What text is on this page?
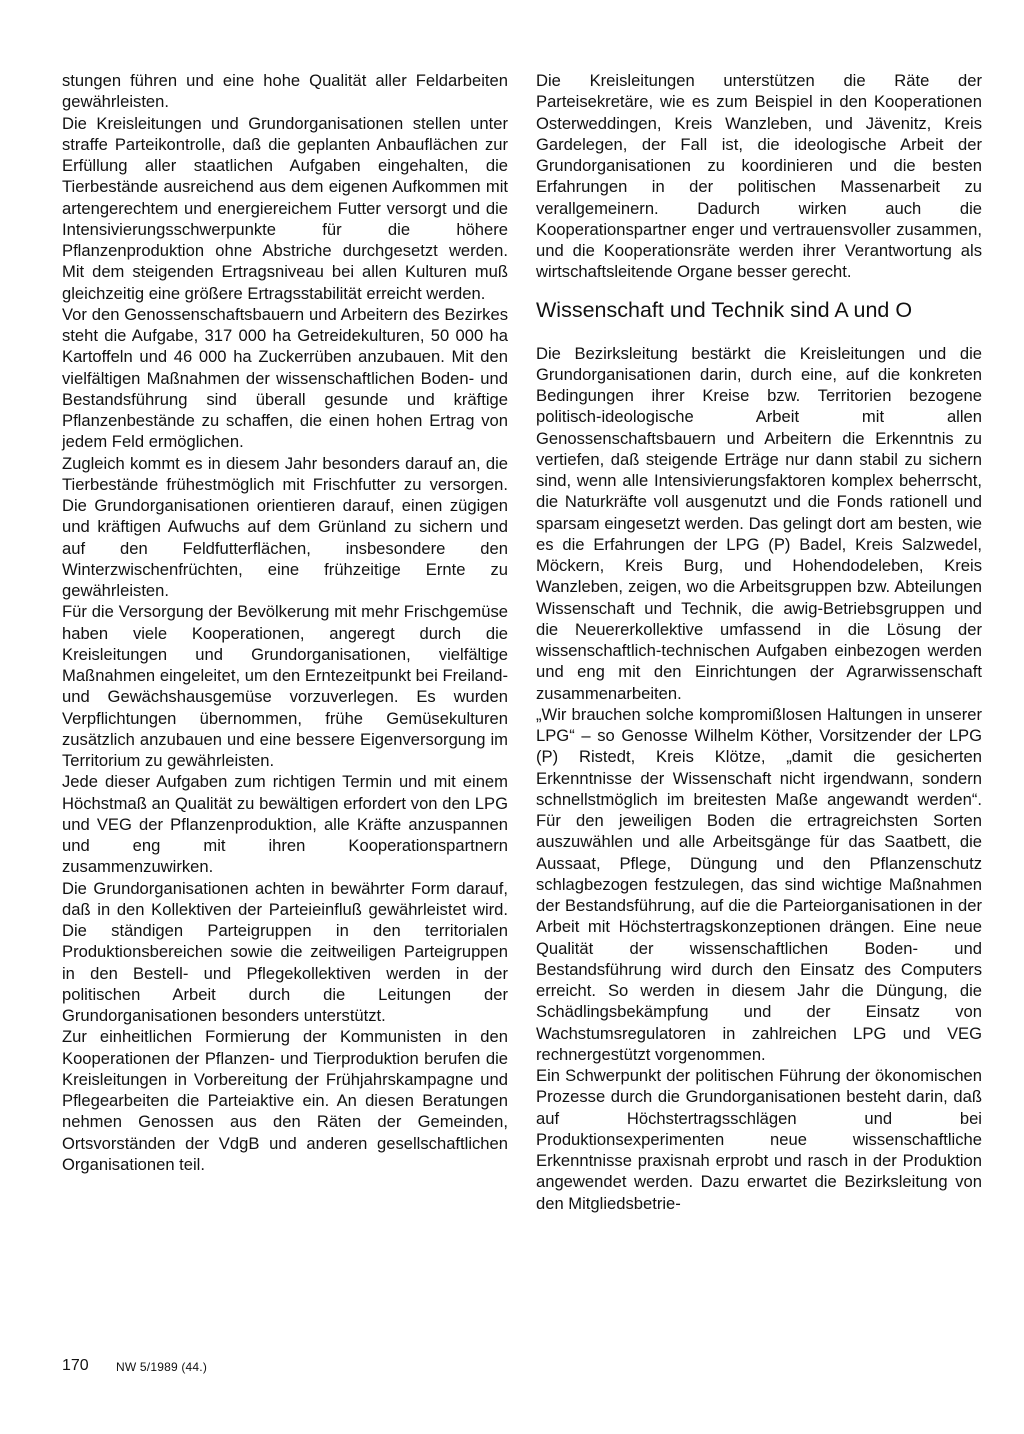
stungen führen und eine hohe Qualität aller Feldarbeiten gewährleisten.

Die Kreisleitungen und Grundorganisationen stellen unter straffe Parteikontrolle, daß die geplanten Anbauflächen zur Erfüllung aller staatlichen Aufgaben eingehalten, die Tierbestände ausreichend aus dem eigenen Aufkommen mit artengerechtem und energiereichem Futter versorgt und die Intensivierungsschwerpunkte für die höhere Pflanzenproduktion ohne Abstriche durchgesetzt werden. Mit dem steigenden Ertragsniveau bei allen Kulturen muß gleichzeitig eine größere Ertragsstabilität erreicht werden.

Vor den Genossenschaftsbauern und Arbeitern des Bezirkes steht die Aufgabe, 317 000 ha Getreidekulturen, 50 000 ha Kartoffeln und 46 000 ha Zuckerrüben anzubauen. Mit den vielfältigen Maßnahmen der wissenschaftlichen Boden- und Bestandsführung sind überall gesunde und kräftige Pflanzenbestände zu schaffen, die einen hohen Ertrag von jedem Feld ermöglichen.

Zugleich kommt es in diesem Jahr besonders darauf an, die Tierbestände frühestmöglich mit Frischfutter zu versorgen. Die Grundorganisationen orientieren darauf, einen zügigen und kräftigen Aufwuchs auf dem Grünland zu sichern und auf den Feldfutterflächen, insbesondere den Winterzwischenfrüchten, eine frühzeitige Ernte zu gewährleisten.

Für die Versorgung der Bevölkerung mit mehr Frischgemüse haben viele Kooperationen, angeregt durch die Kreisleitungen und Grundorganisationen, vielfältige Maßnahmen eingeleitet, um den Erntezeitpunkt bei Freiland- und Gewächshausgemüse vorzuverlegen. Es wurden Verpflichtungen übernommen, frühe Gemüsekulturen zusätzlich anzubauen und eine bessere Eigenversorgung im Territorium zu gewährleisten.

Jede dieser Aufgaben zum richtigen Termin und mit einem Höchstmaß an Qualität zu bewältigen erfordert von den LPG und VEG der Pflanzenproduktion, alle Kräfte anzuspannen und eng mit ihren Kooperationspartnern zusammenzuwirken.

Die Grundorganisationen achten in bewährter Form darauf, daß in den Kollektiven der Parteieinfluß gewährleistet wird. Die ständigen Parteigruppen in den territorialen Produktionsbereichen sowie die zeitweiligen Parteigruppen in den Bestell- und Pflegekollektiven werden in der politischen Arbeit durch die Leitungen der Grundorganisationen besonders unterstützt.

Zur einheitlichen Formierung der Kommunisten in den Kooperationen der Pflanzen- und Tierproduktion berufen die Kreisleitungen in Vorbereitung der Frühjahrskampagne und Pflegearbeiten die Parteiaktive ein. An diesen Beratungen nehmen Genossen aus den Räten der Gemeinden, Ortsvorständen der VdgB und anderen gesellschaftlichen Organisationen teil.

Die Kreisleitungen unterstützen die Räte der Parteisekretäre, wie es zum Beispiel in den Kooperationen Osterweddingen, Kreis Wanzleben, und Jävenitz, Kreis Gardelegen, der Fall ist, die ideologische Arbeit der Grundorganisationen zu koordinieren und die besten Erfahrungen in der politischen Massenarbeit zu verallgemeinern. Dadurch wirken auch die Kooperationspartner enger und vertrauensvoller zusammen, und die Kooperationsräte werden ihrer Verantwortung als wirtschaftsleitende Organe besser gerecht.

Wissenschaft und Technik sind A und O

Die Bezirksleitung bestärkt die Kreisleitungen und die Grundorganisationen darin, durch eine, auf die konkreten Bedingungen ihrer Kreise bzw. Territorien bezogene politisch-ideologische Arbeit mit allen Genossenschaftsbauern und Arbeitern die Erkenntnis zu vertiefen, daß steigende Erträge nur dann stabil zu sichern sind, wenn alle Intensivierungsfaktoren komplex beherrscht, die Naturkräfte voll ausgenutzt und die Fonds rationell und sparsam eingesetzt werden. Das gelingt dort am besten, wie es die Erfahrungen der LPG (P) Badel, Kreis Salzwedel, Möckern, Kreis Burg, und Hohendodeleben, Kreis Wanzleben, zeigen, wo die Arbeitsgruppen bzw. Abteilungen Wissenschaft und Technik, die awig-Betriebsgruppen und die Neuererkollektive umfassend in die Lösung der wissenschaftlich-technischen Aufgaben einbezogen werden und eng mit den Einrichtungen der Agrarwissenschaft zusammenarbeiten.

„Wir brauchen solche kompromißlosen Haltungen in unserer LPG“ – so Genosse Wilhelm Köther, Vorsitzender der LPG (P) Ristedt, Kreis Klötze, „damit die gesicherten Erkenntnisse der Wissenschaft nicht irgendwann, sondern schnellstmöglich im breitesten Maße angewandt werden“. Für den jeweiligen Boden die ertragreichsten Sorten auszuwählen und alle Arbeitsgänge für das Saatbett, die Aussaat, Pflege, Düngung und den Pflanzenschutz schlagbezogen festzulegen, das sind wichtige Maßnahmen der Bestandsführung, auf die die Parteiorganisationen in der Arbeit mit Höchstertragskonzeptionen drängen. Eine neue Qualität der wissenschaftlichen Boden- und Bestandsführung wird durch den Einsatz des Computers erreicht. So werden in diesem Jahr die Düngung, die Schädlingsbekämpfung und der Einsatz von Wachstumsregulatoren in zahlreichen LPG und VEG rechnergestützt vorgenommen.

Ein Schwerpunkt der politischen Führung der ökonomischen Prozesse durch die Grundorganisationen besteht darin, daß auf Höchstertragsschlägen und bei Produktionsexperimenten neue wissenschaftliche Erkenntnisse praxisnah erprobt und rasch in der Produktion angewendet werden. Dazu erwartet die Bezirksleitung von den Mitgliedsbetrie-

170 NW 5/1989 (44.)
